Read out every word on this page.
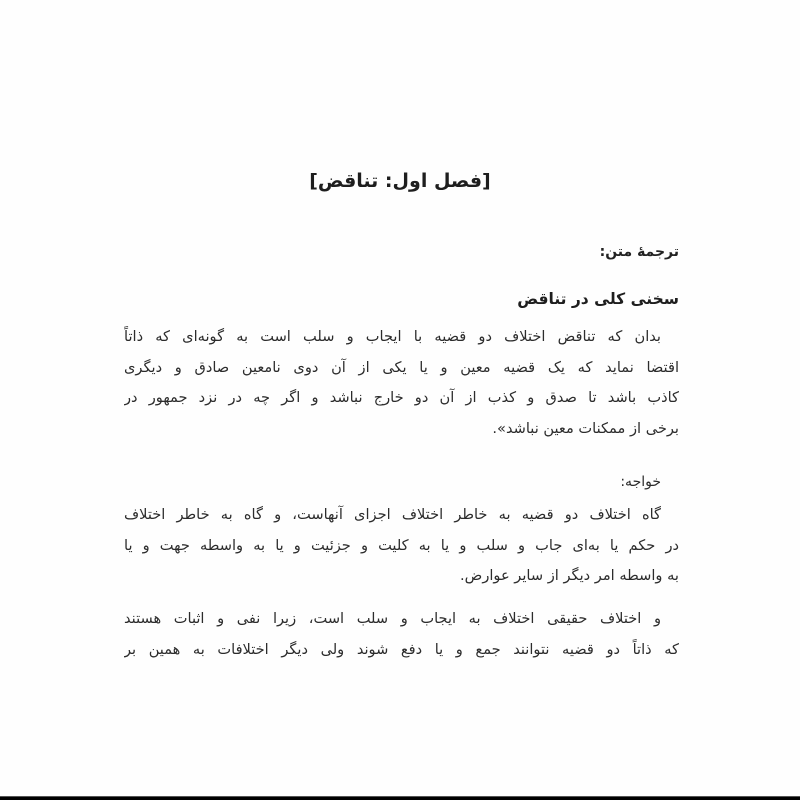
[فصل اول: تناقض]
ترجمهٔ متن:
سخنی کلی در تناقض
بدان که تناقض اختلاف دو قضیه با ایجاب و سلب است به گونه‌ای که ذاتاً
اقتضا نماید که یک قضیه معین و یا یکی از آن دوی نامعین صادق و دیگری
کاذب باشد تا صدق و کذب از آن دو خارج نباشد و اگر چه در نزد جمهور در
برخی از ممکنات معین نباشد».
خواجه:
گاه اختلاف دو قضیه به خاطر اختلاف اجزای آنهاست، و گاه به خاطر اختلاف
در حکم یا به‌ای جاب و سلب و یا به کلیت و جزئیت و یا به واسطه جهت و یا
به واسطه امر دیگر از سایر عوارض.
و اختلاف حقیقی اختلاف به ایجاب و سلب است، زیرا نفی و اثبات هستند
که ذاتاً دو قضیه نتوانند جمع و یا دفع شوند ولی دیگر اختلافات به همین بر
